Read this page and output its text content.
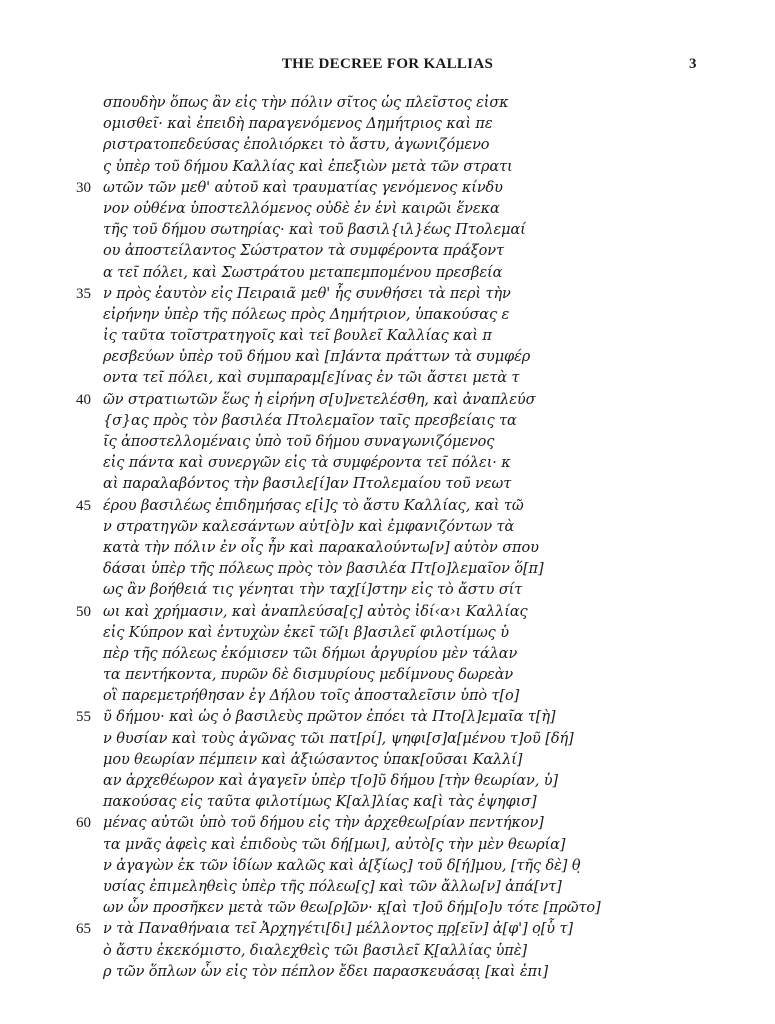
THE DECREE FOR KALLIAS	3
σπουδὴν ὅπως ἂν εἰς τὴν πόλιν σῖτος ὡς πλεῖστος εἰσκ
ομισθεῖ· καὶ ἐπειδὴ παραγενόμενος Δημήτριος καὶ πε
ριστρατοπεδεύσας ἐπολιόρκει τὸ ἄστυ, ἀγωνιζόμενο
ς ὑπὲρ τοῦ δήμου Καλλίας καὶ ἐπεξιὼν μετὰ τῶν στρατι
30 ωτῶν τῶν μεθ' αὐτοῦ καὶ τραυματίας γενόμενος κίνδυ
νον οὐθένα ὑποστελλόμενος οὐδὲ ἐν ἑνὶ καιρῶι ἕνεκα
τῆς τοῦ δήμου σωτηρίας· καὶ τοῦ βασιλ{ιλ}έως Πτολεμαί
ου ἀποστείλαντος Σώστρατον τὰ συμφέροντα πράξοντ
α τεῖ πόλει, καὶ Σωστράτου μεταπεμπομένου πρεσβεία
35 ν πρὸς ἑαυτὸν εἰς Πειραιᾶ μεθ' ἧς συνθήσει τὰ περὶ τὴν
εἰρήνην ὑπὲρ τῆς πόλεως πρὸς Δημήτριον, ὑπακούσας ε
ἰς ταῦτα τοῖστρατηγοῖς καὶ τεῖ βουλεῖ Καλλίας καὶ π
ρεσβεύων ὑπὲρ τοῦ δήμου καὶ [π]άντα πράττων τὰ συμφέρ
οντα τεῖ πόλει, καὶ συμπαραμ[ε]ίνας ἐν τῶι ἄστει μετὰ τ
40 ῶν στρατιωτῶν ἕως ἡ εἰρήνη σ[υ]νετελέσθη, καὶ ἀναπλεύσ
{σ}ας πρὸς τὸν βασιλέα Πτολεμαῖον ταῖς πρεσβείαις τα
ῖς ἀποστελλομέναις ὑπὸ τοῦ δήμου συναγωνιζόμενος
εἰς πάντα καὶ συνεργῶν εἰς τὰ συμφέροντα τεῖ πόλει· κ
αὶ παραλαβόντος τὴν βασιλε[ί]αν Πτολεμαίου τοῦ νεωτ
45 έρου βασιλέως ἐπιδημήσας ε[ἰ]ς τὸ ἄστυ Καλλίας, καὶ τῶ
ν στρατηγῶν καλεσάντων αὐτ[ὸ]ν καὶ ἐμφανιζόντων τὰ
κατὰ τὴν πόλιν ἐν οἷς ἦν καὶ παρακαλούντω[ν] αὐτὸν σπου
δάσαι ὑπὲρ τῆς πόλεως πρὸς τὸν βασιλέα Πτ[ο]λεμαῖον ὅ[π]
ως ἂν βοήθειά τις γένηται τὴν ταχ[ί]στην εἰς τὸ ἄστυ σίτ
50 ωι καὶ χρήμασιν, καὶ ἀναπλεύσα[ς] αὐτὸς ἰδί‹α›ι Καλλίας
εἰς Κύπρον καὶ ἐντυχὼν ἐκεῖ τῶ[ι β]ασιλεῖ φιλοτίμως ὑ
πὲρ τῆς πόλεως ἐκόμισεν τῶι δήμωι ἀργυρίου μὲν τάλαν
τα πεντήκοντα, πυρῶν δὲ δισμυρίους μεδίμνους δωρεὰν
οἳ παρεμετρήθησαν ἐγ Δήλου τοῖς ἀποσταλεῖσιν ὑπὸ τ[ο]
55 ῦ δήμου· καὶ ὡς ὁ βασιλεὺς πρῶτον ἐπόει τὰ Πτο[λ]εμαῖα τ[ὴ]
ν θυσίαν καὶ τοὺς ἀγῶνας τῶι πατ[ρί], ψηφι[σ]α[μένου τ]οῦ [δή]
μου θεωρίαν πέμπειν καὶ ἀξιώσαντος ὑπακ[οῦσαι Καλλί]
αν ἀρχεθέωρον καὶ ἀγαγεῖν ὑπὲρ τ[ο]ῦ δήμου [τὴν θεωρίαν, ὑ]
πακούσας εἰς ταῦτα φιλοτίμως Κ[αλ]λίας κα[ὶ τὰς ἐψηφισ]
60 μένας αὐτῶι ὑπὸ τοῦ δήμου εἰς τὴν ἀρχεθεω[ρίαν πεντήκον]
τα μνᾶς ἀφεὶς καὶ ἐπιδοὺς τῶι δή[μωι], αὐτὸ[ς τὴν μὲν θεωρία]
ν ἀγαγὼν ἐκ τῶν ἰδίων καλῶς καὶ ἀ[ξίως] τοῦ δ[ή]μου, [τῆς δὲ] θ̣
υσίας ἐπιμεληθεὶς ὑπὲρ τῆς πόλεω[ς] καὶ τῶν ἄλλω[ν] ἀπά[ντ]
ων ὧν προσῆκεν μετὰ τῶν θεω[ρ]ῶν· κ̣[αὶ τ]οῦ δήμ[ο]υ τότε [πρῶτο]
65 ν τὰ Παναθήναια τεῖ Ἀρχηγέτι[δι] μέλλοντος π̣ρ̣[εῖν] ἀ[φ'] ο̣[ὗ τ]
ὸ ἄστυ ἐκεκόμιστο, διαλεχθεὶς τῶι βασιλεῖ Κ̣[αλλίας ὑπὲ]
ρ τῶν ὅπλων ὧν εἰς τὸν πέπλον ἔδει παρασκευάσα̣ι̣ [καὶ ἐπι]
